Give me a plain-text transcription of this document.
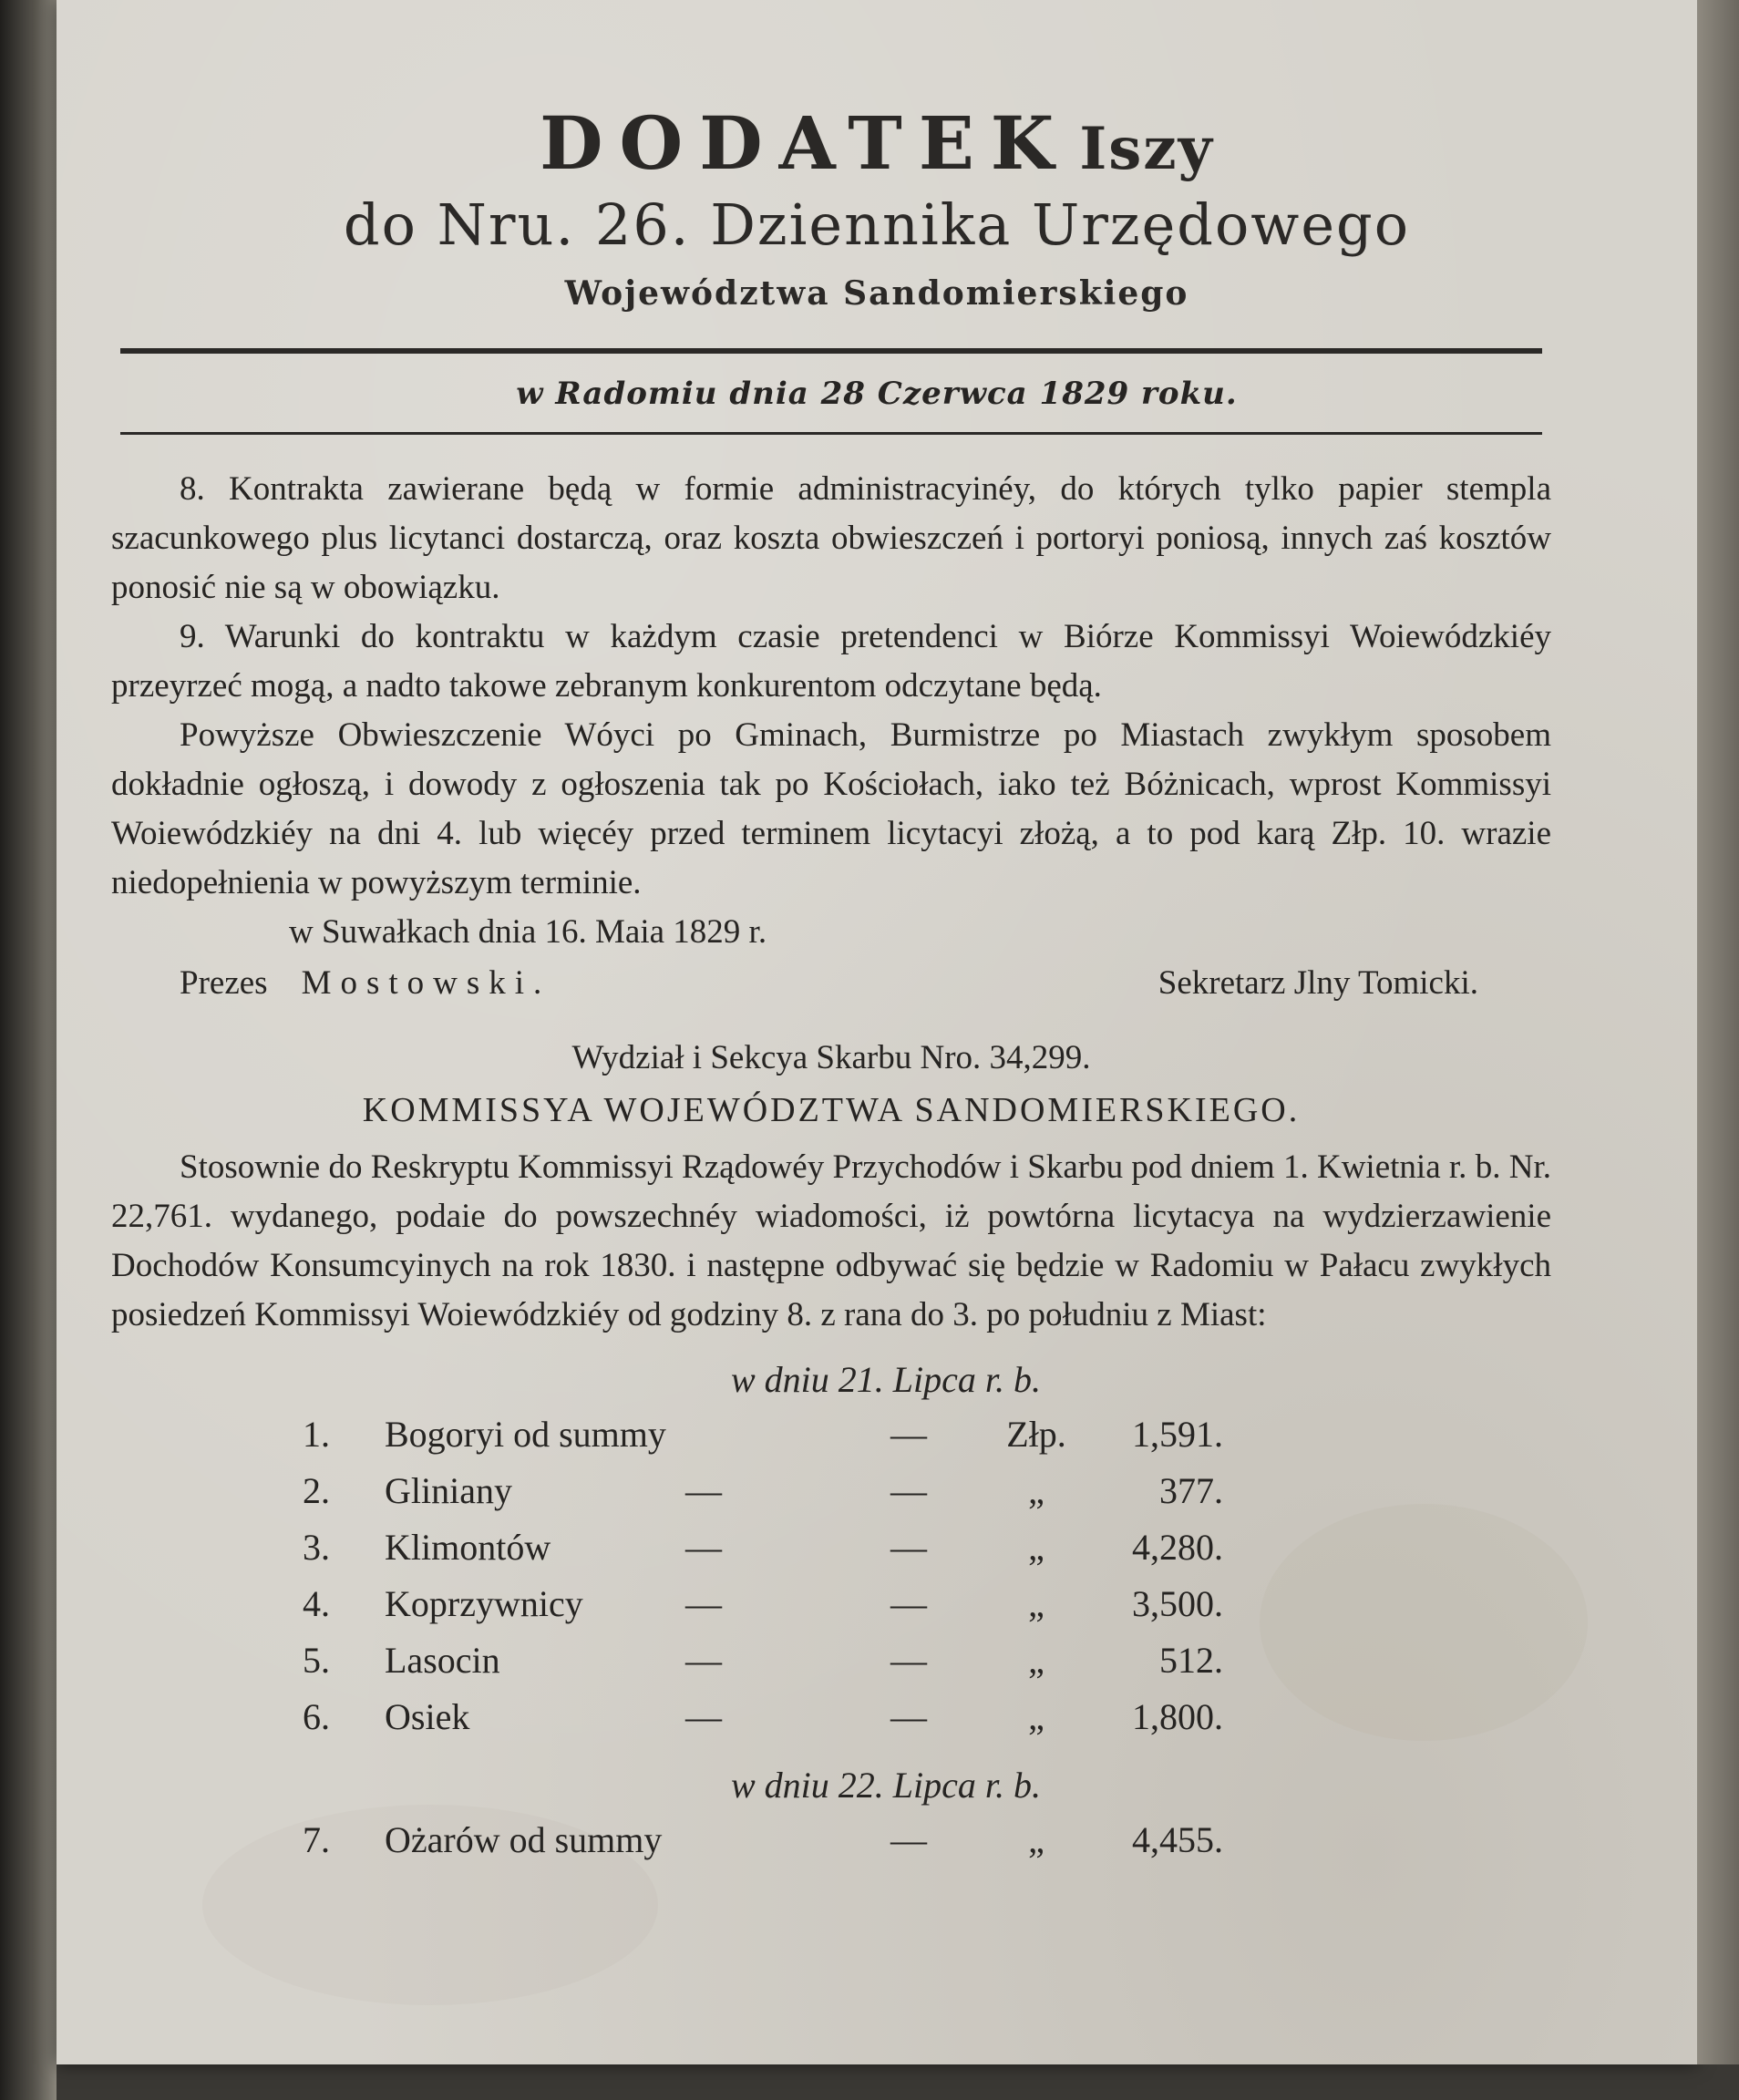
DODATEK Iszy
do Nru. 26. Dziennika Urzędowego
Województwa Sandomierskiego
w Radomiu dnia 28 Czerwca 1829 roku.

8. Kontrakta zawierane będą w formie administracyinéy, do których tylko papier stempla szacunkowego plus licytanci dostarczą, oraz koszta obwieszczeń i portoryi poniosą, innych zaś kosztów ponosić nie są w obowiązku.

9. Warunki do kontraktu w każdym czasie pretendenci w Biórze Kommissyi Woiewódzkiéy przeyrzeć mogą, a nadto takowe zebranym konkurentom odczytane będą.

Powyższe Obwieszczenie Wóyci po Gminach, Burmistrze po Miastach zwykłym sposobem dokładnie ogłoszą, i dowody z ogłoszenia tak po Kościołach, iako też Bóżnicach, wprost Kommissyi Woiewódzkiéy na dni 4. lub więcéy przed terminem licytacyi złożą, a to pod karą Złp. 10. wrazie niedopełnienia w powyższym terminie.

w Suwałkach dnia 16. Maia 1829 r.

Prezes Mostowski.	Sekretarz Jlny Tomicki.

Wydział i Sekcya Skarbu Nro. 34,299.

KOMMISSYA WOJEWÓDZTWA SANDOMIERSKIEGO.

Stosownie do Reskryptu Kommissyi Rządowéy Przychodów i Skarbu pod dniem 1. Kwietnia r. b. Nr. 22,761. wydanego, podaie do powszechnéy wiadomości, iż powtórna licytacya na wydzierzawienie Dochodów Konsumcyinych na rok 1830. i następne odbywać się będzie w Radomiu w Pałacu zwykłych posiedzeń Kommissyi Woiewódzkiéy od godziny 8. z rana do 3. po południu z Miast:

w dniu 21. Lipca r. b.
1.	Bogoryi od summy		—	Złp.	1,591.
2.	Gliniany	—	—	„	377.
3.	Klimontów	—	—	„	4,280.
4.	Koprzywnicy	—	—	„	3,500.
5.	Lasocin	—	—	„	512.
6.	Osiek	—	—	„	1,800.
w dniu 22. Lipca r. b.
7.	Ożarów od summy		—	„	4,455.
